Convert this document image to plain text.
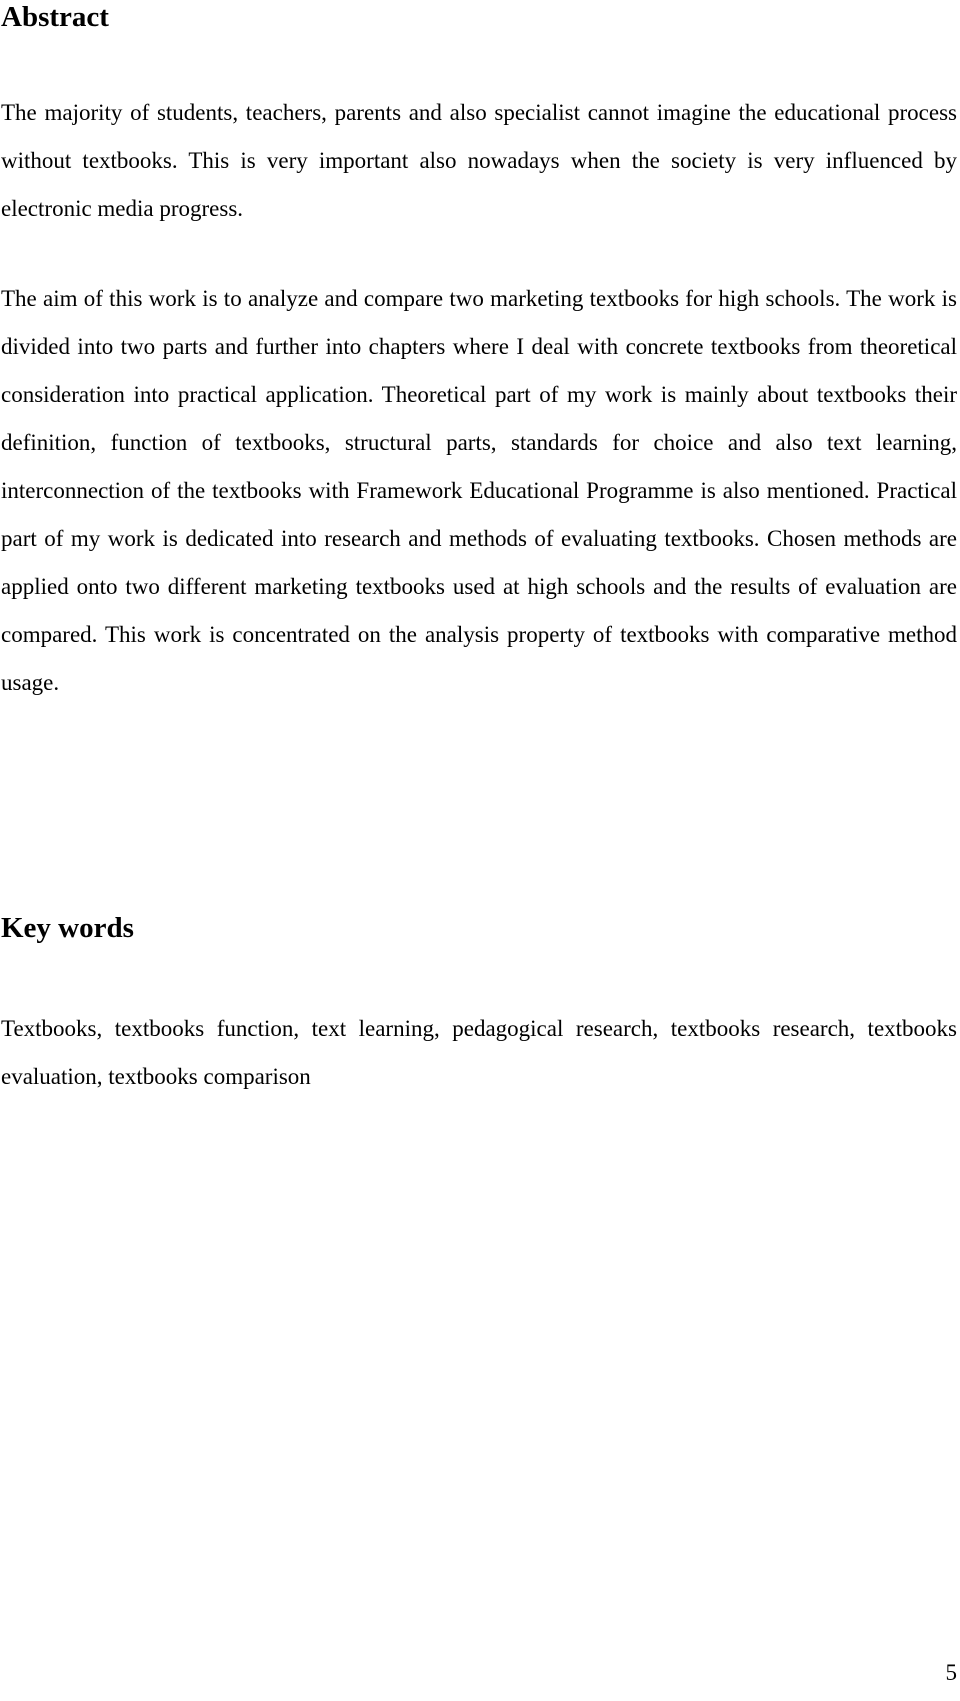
Abstract

The majority of students, teachers, parents and also specialist cannot imagine the educational process without textbooks. This is very important also nowadays when the society is very influenced by electronic media progress.

The aim of this work is to analyze and compare two marketing textbooks for high schools. The work is divided into two parts and further into chapters where I deal with concrete textbooks from theoretical consideration into practical application. Theoretical part of my work is mainly about textbooks their definition, function of textbooks, structural parts, standards for choice and also text learning, interconnection of the textbooks with Framework Educational Programme is also mentioned. Practical part of my work is dedicated into research and methods of evaluating textbooks. Chosen methods are applied onto two different marketing textbooks used at high schools and the results of evaluation are compared. This work is concentrated on the analysis property of textbooks with comparative method usage.

Key words

Textbooks, textbooks function, text learning, pedagogical research, textbooks research, textbooks evaluation, textbooks comparison

5
